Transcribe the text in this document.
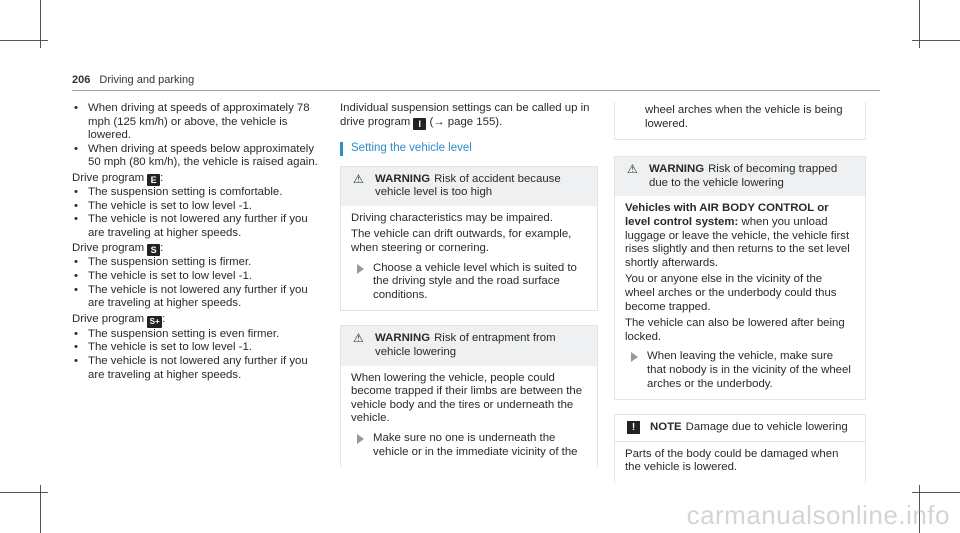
206 Driving and parking
• When driving at speeds of approximately 78 mph (125 km/h) or above, the vehicle is lowered.
• When driving at speeds below approximately 50 mph (80 km/h), the vehicle is raised again.

Drive program E :

• The suspension setting is comfortable.
• The vehicle is set to low level -1.
• The vehicle is not lowered any further if you are traveling at higher speeds.

Drive program S :

• The suspension setting is firmer.
• The vehicle is set to low level -1.
• The vehicle is not lowered any further if you are traveling at higher speeds.

Drive program S+ :

• The suspension setting is even firmer.
• The vehicle is set to low level -1.
• The vehicle is not lowered any further if you are traveling at higher speeds.

Individual suspension settings can be called up in drive program I (→ page 155).

Setting the vehicle level
⚠ WARNING Risk of accident because vehicle level is too high

Driving characteristics may be impaired.

The vehicle can drift outwards, for example, when steering or cornering.

Choose a vehicle level which is suited to the driving style and the road surface conditions.
⚠ WARNING Risk of entrapment from vehicle lowering

When lowering the vehicle, people could become trapped if their limbs are between the vehicle body and the tires or underneath the vehicle.

Make sure no one is underneath the vehicle or in the immediate vicinity of the
wheel arches when the vehicle is being lowered.
⚠ WARNING Risk of becoming trapped due to the vehicle lowering

Vehicles with AIR BODY CONTROL or level control system: when you unload luggage or leave the vehicle, the vehicle first rises slightly and then returns to the set level shortly afterwards.

You or anyone else in the vicinity of the wheel arches or the underbody could thus become trapped.

The vehicle can also be lowered after being locked.

When leaving the vehicle, make sure that nobody is in the vicinity of the wheel arches or the underbody.
!	NOTE Damage due to vehicle lowering

Parts of the body could be damaged when the vehicle is lowered.

carmanualsonline.info
